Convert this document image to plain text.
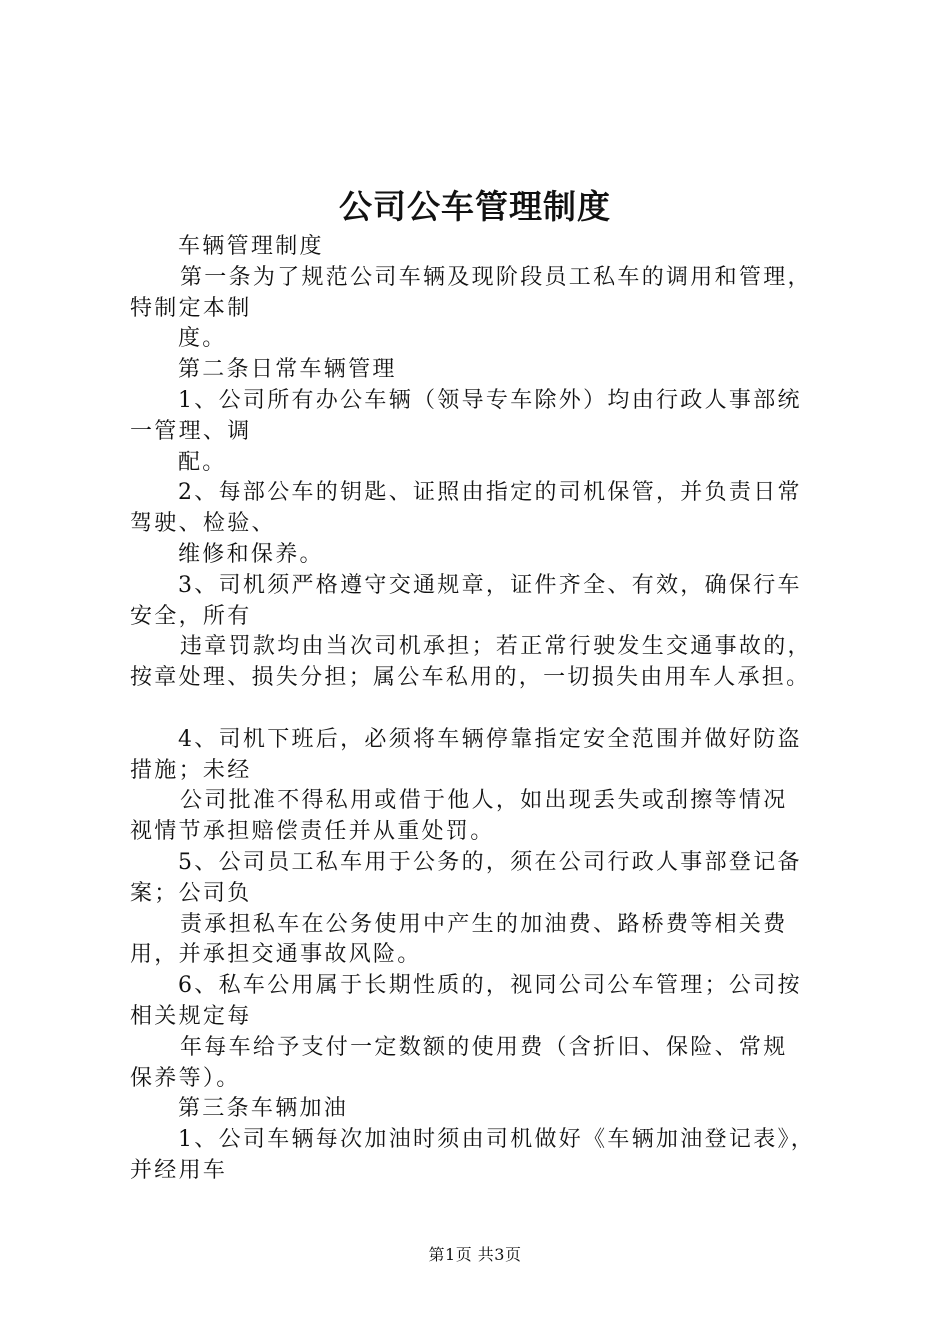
公司公车管理制度
车辆管理制度
第一条为了规范公司车辆及现阶段员工私车的调用和管理，
特制定本制
度。
第二条日常车辆管理
1、公司所有办公车辆（领导专车除外）均由行政人事部统
一管理、调
配。
2、每部公车的钥匙、证照由指定的司机保管，并负责日常
驾驶、检验、
维修和保养。
3、司机须严格遵守交通规章，证件齐全、有效，确保行车
安全，所有
违章罚款均由当次司机承担；若正常行驶发生交通事故的，
按章处理、损失分担；属公车私用的，一切损失由用车人承担。
4、司机下班后，必须将车辆停靠指定安全范围并做好防盗
措施；未经
公司批准不得私用或借于他人，如出现丢失或刮擦等情况
视情节承担赔偿责任并从重处罚。
5、公司员工私车用于公务的，须在公司行政人事部登记备
案；公司负
责承担私车在公务使用中产生的加油费、路桥费等相关费
用，并承担交通事故风险。
6、私车公用属于长期性质的，视同公司公车管理；公司按
相关规定每
年每车给予支付一定数额的使用费（含折旧、保险、常规
保养等）。
第三条车辆加油
1、公司车辆每次加油时须由司机做好《车辆加油登记表》，
并经用车
第1页 共3页
